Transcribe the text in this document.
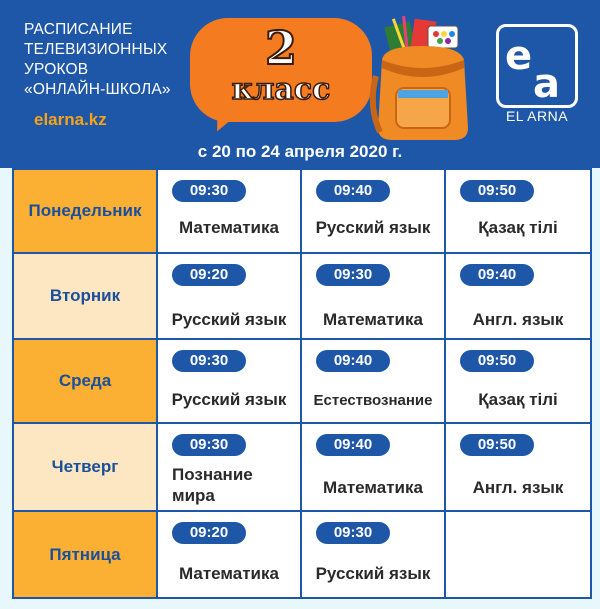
РАСПИСАНИЕ
ТЕЛЕВИЗИОННЫХ
УРОКОВ
«ОНЛАЙН-ШКОЛА»
elarna.kz
2
класс
e
a
EL ARNA
с 20 по 24 апреля 2020 г.
Понедельник
09:30
Математика
09:40
Русский язык
09:50
Қазақ тілі
Вторник
09:20
Русский язык
09:30
Математика
09:40
Англ. язык
Среда
09:30
Русский язык
09:40
Естествознание
09:50
Қазақ тілі
Четверг
09:30
Познание
мира
09:40
Математика
09:50
Англ. язык
Пятница
09:20
Математика
09:30
Русский язык
